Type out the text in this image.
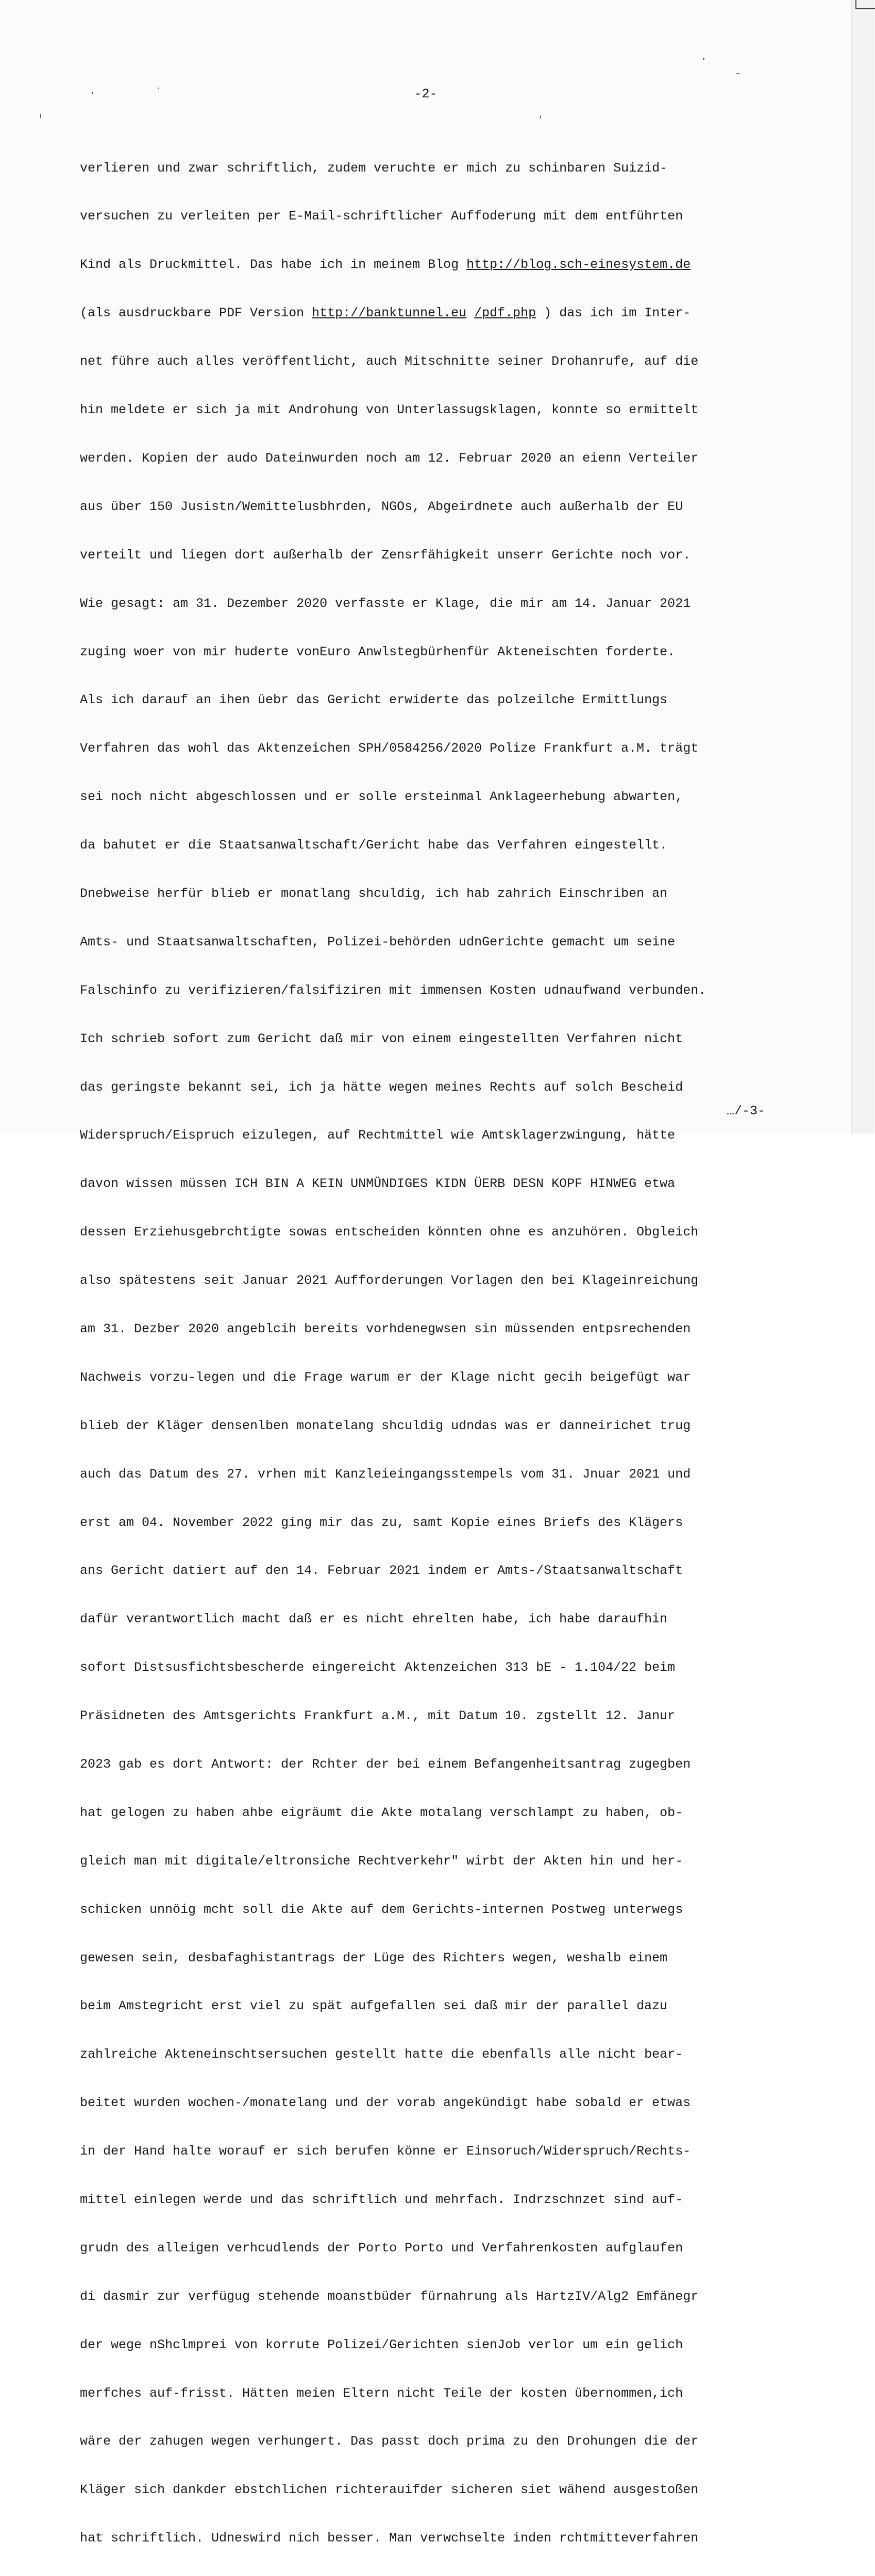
-2-

verlieren und zwar schriftlich, zudem veruchte er mich zu schinbaren Suizid-

versuchen zu verleiten per E-Mail-schriftlicher Auffoderung mit dem entführten

Kind als Druckmittel. Das habe ich in meinem Blog http://blog.sch-einesystem.de

(als ausdruckbare PDF Version http://banktunnel.eu /pdf.php ) das ich im Inter-

net führe auch alles veröffentlicht, auch Mitschnitte seiner Drohanrufe, auf die

hin meldete er sich ja mit Androhung von Unterlassugsklagen, konnte so ermittelt

werden. Kopien der audo Dateinwurden noch am 12. Februar 2020 an eienn Verteiler

aus über 150 Jusistn/Wemittelusbhrden, NGOs, Abgeirdnete auch außerhalb der EU

verteilt und liegen dort außerhalb der Zensrfähigkeit unserr Gerichte noch vor.

Wie gesagt: am 31. Dezember 2020 verfasste er Klage, die mir am 14. Januar 2021

zuging woer von mir huderte vonEuro Anwlstegbürhenfür Akteneischten forderte.

Als ich darauf an ihen üebr das Gericht erwiderte das polzeilche Ermittlungs

Verfahren das wohl das Aktenzeichen SPH/0584256/2020 Polize Frankfurt a.M. trägt

sei noch nicht abgeschlossen und er solle ersteinmal Anklageerhebung abwarten,

da bahutet er die Staatsanwaltschaft/Gericht habe das Verfahren eingestellt.

Dnebweise herfür blieb er monatlang shculdig, ich hab zahrich Einschriben an

Amts- und Staatsanwaltschaften, Polizei-behörden udnGerichte gemacht um seine

Falschinfo zu verifizieren/falsifiziren mit immensen Kosten udnaufwand verbunden.

Ich schrieb sofort zum Gericht daß mir von einem eingestellten Verfahren nicht

das geringste bekannt sei, ich ja hätte wegen meines Rechts auf solch Bescheid

Widerspruch/Eispruch eizulegen, auf Rechtmittel wie Amtsklagerzwingung, hätte

davon wissen müssen ICH BIN A KEIN UNMÜNDIGES KIDN ÜERB DESN KOPF HINWEG etwa

dessen Erziehusgebrchtigte sowas entscheiden könnten ohne es anzuhören. Obgleich

also spätestens seit Januar 2021 Aufforderungen Vorlagen den bei Klageinreichung

am 31. Dezber 2020 angeblcih bereits vorhdenegwsen sin müssenden entpsrechenden

Nachweis vorzu-legen und die Frage warum er der Klage nicht gecih beigefügt war

blieb der Kläger densenlben monatelang shculdig udndas was er danneirichet trug

auch das Datum des 27. vrhen mit Kanzleieingangsstempels vom 31. Jnuar 2021 und

erst am 04. November 2022 ging mir das zu, samt Kopie eines Briefs des Klägers

ans Gericht datiert auf den 14. Februar 2021 indem er Amts-/Staatsanwaltschaft

dafür verantwortlich macht daß er es nicht ehrelten habe, ich habe daraufhin

sofort Distsusfichtsbescherde eingereicht Aktenzeichen 313 bE - 1.104/22 beim

Präsidneten des Amtsgerichts Frankfurt a.M., mit Datum 10. zgstellt 12. Janur

2023 gab es dort Antwort: der Rchter der bei einem Befangenheitsantrag zugegben

hat gelogen zu haben ahbe eigräumt die Akte motalang verschlampt zu haben, ob-

gleich man mit digitale/eltronsiche Rechtverkehr" wirbt der Akten hin und her-

schicken unnöig mcht soll die Akte auf dem Gerichts-internen Postweg unterwegs

gewesen sein, desbafaghistantrags der Lüge des Richters wegen, weshalb einem

beim Amstegricht erst viel zu spät aufgefallen sei daß mir der parallel dazu

zahlreiche Akteneinschtsersuchen gestellt hatte die ebenfalls alle nicht bear-

beitet wurden wochen-/monatelang und der vorab angekündigt habe sobald er etwas

in der Hand halte worauf er sich berufen könne er Einsoruch/Widerspruch/Rechts-

mittel einlegen werde und das schriftlich und mehrfach. Indrzschnzet sind auf-

grudn des alleigen verhcudlends der Porto Porto und Verfahrenkosten aufglaufen

di dasmir zur verfügug stehende moanstbüder fürnahrung als HartzIV/Alg2 Emfänegr

der wege nShclmprei von korrute Polizei/Gerichten sienJob verlor um ein gelich

merfches auf-frisst. Hätten meien Eltern nicht Teile der kosten übernommen,ich

wäre der zahugen wegen verhungert. Das passt doch prima zu den Drohungen die der

Kläger sich dankder ebstchlichen richterauifder sicheren siet wähend ausgestoßen

hat schriftlich. Udneswird nich besser. Man verwchselte inden rchtmitteverfahren

…/-3-
